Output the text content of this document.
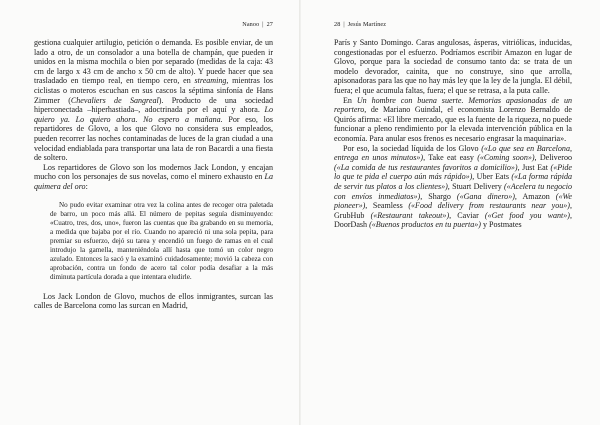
Nanoo | 27

gestiona cualquier artilugio, petición o demanda. Es posible enviar, de un lado a otro, de un consolador a una botella de champán, que pueden ir unidos en la misma mochila o bien por separado (medidas de la caja: 43 cm de largo x 43 cm de ancho x 50 cm de alto). Y puede hacer que sea trasladado en tiempo real, en tiempo cero, en streaming, mientras los ciclistas o moteros escuchan en sus cascos la séptima sinfonía de Hans Zimmer (Chevaliers de Sangreal). Producto de una sociedad hiperconectada –hiperhastiada–, adoctrinada por el aquí y ahora. Lo quiero ya. Lo quiero ahora. No espero a mañana. Por eso, los repartidores de Glovo, a los que Glovo no considera sus empleados, pueden recorrer las noches contaminadas de luces de la gran ciudad a una velocidad endiablada para transportar una lata de ron Bacardi a una fiesta de soltero.

Los repartidores de Glovo son los modernos Jack London, y encajan mucho con los personajes de sus novelas, como el minero exhausto en La quimera del oro:

No pudo evitar examinar otra vez la colina antes de recoger otra paletada de barro, un poco más allá. El número de pepitas seguía disminuyendo: «Cuatro, tres, dos, uno», fueron las cuentas que iba grabando en su memoria, a medida que bajaba por el río. Cuando no apareció ni una sola pepita, para premiar su esfuerzo, dejó su tarea y encendió un fuego de ramas en el cual introdujo la gamella, manteniéndola allí hasta que tomó un color negro azulado. Entonces la sacó y la examinó cuidadosamente; movió la cabeza con aprobación, contra un fondo de acero tal color podía desafiar a la más diminuta partícula dorada a que intentara eludirle.

Los Jack London de Glovo, muchos de ellos inmigrantes, surcan las calles de Barcelona como las surcan en Madrid,

28 | Jesús Martínez

París y Santo Domingo. Caras angulosas, ásperas, vitriólicas, inducidas, congestionadas por el esfuerzo. Podríamos escribir Amazon en lugar de Glovo, porque para la sociedad de consumo tanto da: se trata de un modelo devorador, cainita, que no construye, sino que arrolla, apisonadoras para las que no hay más ley que la ley de la jungla. El débil, fuera; el que acumula faltas, fuera; el que se retrasa, a la puta calle.

En Un hombre con buena suerte. Memorias apasionadas de un reportero, de Mariano Guindal, el economista Lorenzo Bernaldo de Quirós afirma: «El libre mercado, que es la fuente de la riqueza, no puede funcionar a pleno rendimiento por la elevada intervención pública en la economía. Para anular esos frenos es necesario engrasar la maquinaria».

Por eso, la sociedad líquida de los Glovo («Lo que sea en Barcelona, entrega en unos minutos»), Take eat easy («Coming soon»), Deliveroo («La comida de tus restaurantes favoritos a domicilio»), Just Eat («Pide lo que te pida el cuerpo aún más rápido»), Uber Eats («La forma rápida de servir tus platos a los clientes»), Stuart Delivery («Acelera tu negocio con envíos inmediatos»), Shargo («Gana dinero»), Amazon («We pioneer»), Seamless («Food delivery from restaurants near you»), GrubHub («Restaurant takeout»), Caviar («Get food you want»), DoorDash («Buenos productos en tu puerta») y Postmates
